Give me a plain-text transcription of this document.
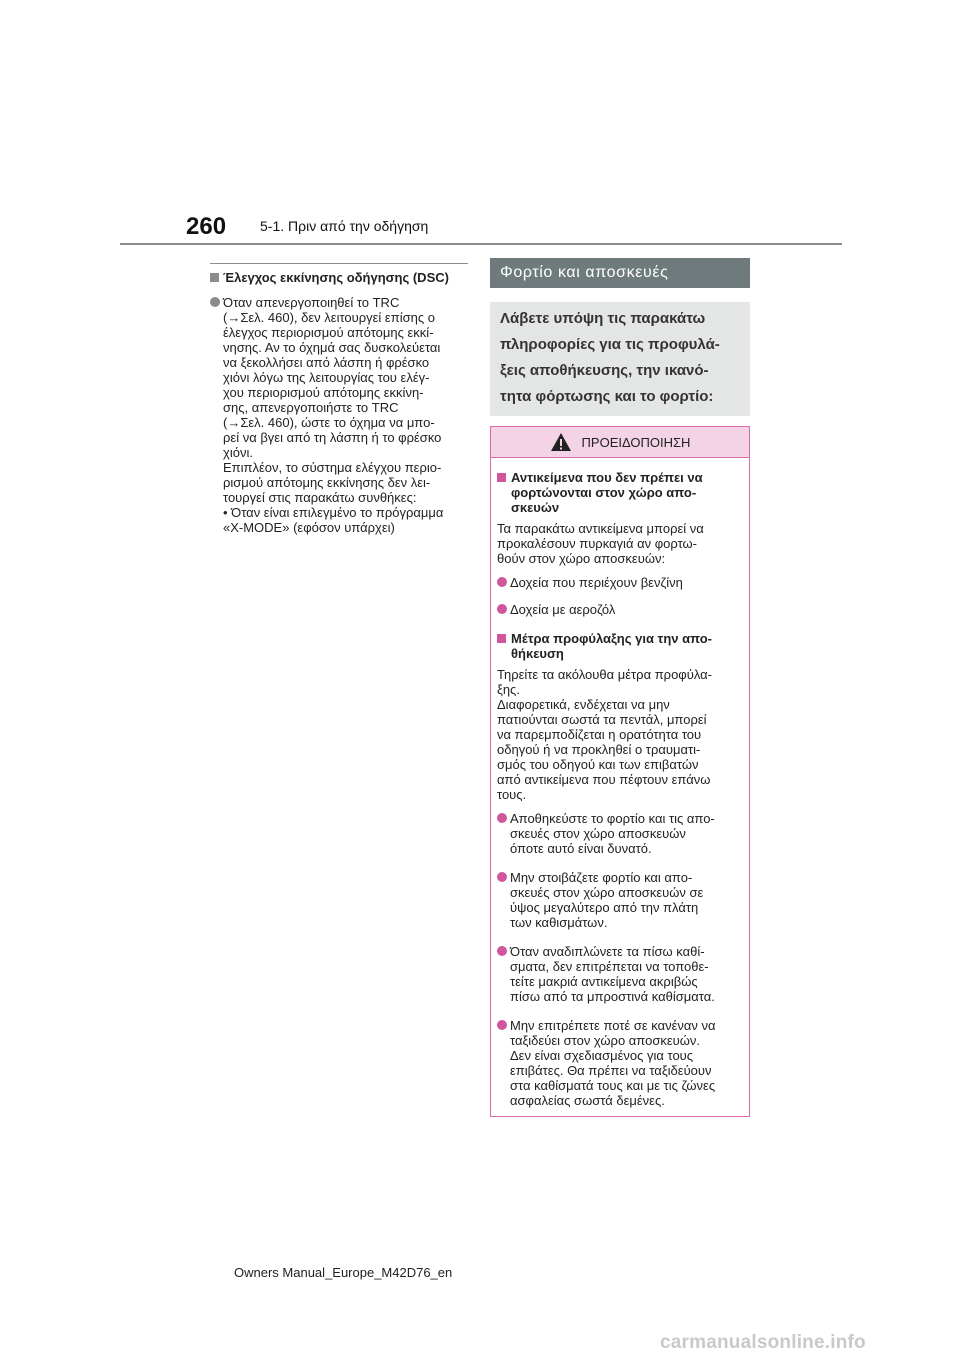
260 5-1. Πριν από την οδήγηση
Έλεγχος εκκίνησης οδήγησης (DSC)
Όταν απενεργοποιηθεί το TRC
(→Σελ. 460), δεν λειτουργεί επίσης ο
έλεγχος περιορισμού απότομης εκκί-
νησης. Αν το όχημά σας δυσκολεύεται
να ξεκολλήσει από λάσπη ή φρέσκο
χιόνι λόγω της λειτουργίας του ελέγ-
χου περιορισμού απότομης εκκίνη-
σης, απενεργοποιήστε το TRC
(→Σελ. 460), ώστε το όχημα να μπο-
ρεί να βγει από τη λάσπη ή το φρέσκο
χιόνι.
Επιπλέον, το σύστημα ελέγχου περιο-
ρισμού απότομης εκκίνησης δεν λει-
τουργεί στις παρακάτω συνθήκες:
• Όταν είναι επιλεγμένο το πρόγραμμα
«X-MODE» (εφόσον υπάρχει)
Φορτίο και αποσκευές
Λάβετε υπόψη τις παρακάτω
πληροφορίες για τις προφυλά-
ξεις αποθήκευσης, την ικανό-
τητα φόρτωσης και το φορτίο:
ΠΡΟΕΙΔΟΠΟΙΗΣΗ
Αντικείμενα που δεν πρέπει να
φορτώνονται στον χώρο απο-
σκευών
Τα παρακάτω αντικείμενα μπορεί να
προκαλέσουν πυρκαγιά αν φορτω-
θούν στον χώρο αποσκευών:
Δοχεία που περιέχουν βενζίνη
Δοχεία με αεροζόλ
Μέτρα προφύλαξης για την απο-
θήκευση
Τηρείτε τα ακόλουθα μέτρα προφύλα-
ξης.
Διαφορετικά, ενδέχεται να μην
πατιούνται σωστά τα πεντάλ, μπορεί
να παρεμποδίζεται η ορατότητα του
οδηγού ή να προκληθεί ο τραυματι-
σμός του οδηγού και των επιβατών
από αντικείμενα που πέφτουν επάνω
τους.
Αποθηκεύστε το φορτίο και τις απο-
σκευές στον χώρο αποσκευών
όποτε αυτό είναι δυνατό.
Μην στοιβάζετε φορτίο και απο-
σκευές στον χώρο αποσκευών σε
ύψος μεγαλύτερο από την πλάτη
των καθισμάτων.
Όταν αναδιπλώνετε τα πίσω καθί-
σματα, δεν επιτρέπεται να τοποθε-
τείτε μακριά αντικείμενα ακριβώς
πίσω από τα μπροστινά καθίσματα.
Μην επιτρέπετε ποτέ σε κανέναν να
ταξιδεύει στον χώρο αποσκευών.
Δεν είναι σχεδιασμένος για τους
επιβάτες. Θα πρέπει να ταξιδεύουν
στα καθίσματά τους και με τις ζώνες
ασφαλείας σωστά δεμένες.
Owners Manual_Europe_M42D76_en
carmanualsonline.info
